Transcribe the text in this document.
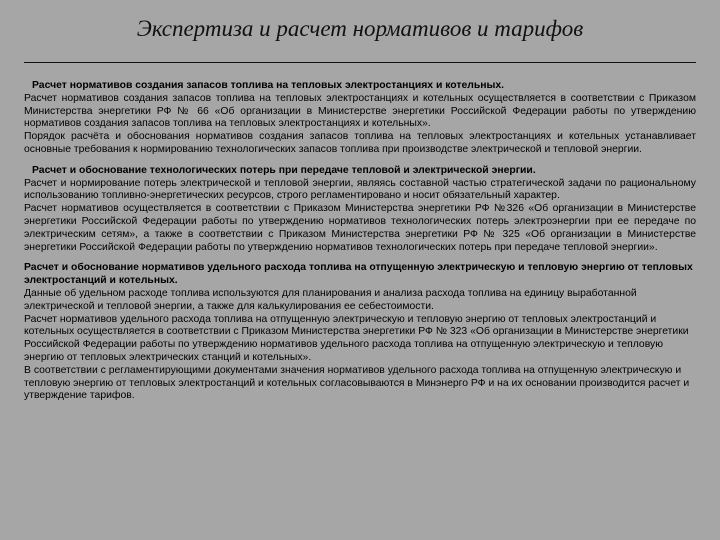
Экспертиза и расчет нормативов и тарифов
Расчет нормативов создания запасов топлива на тепловых электростанциях и котельных.
Расчет нормативов создания запасов топлива на тепловых электростанциях и котельных осуществляется в соответствии с Приказом Министерства энергетики РФ № 66 «Об организации в Министерстве энергетики Российской Федерации работы по утверждению нормативов создания запасов топлива на тепловых электростанциях и котельных».
Порядок расчёта и обоснования нормативов создания запасов топлива на тепловых электростанциях и котельных устанавливает основные требования к нормированию технологических запасов топлива при производстве электрической и тепловой энергии.
Расчет и обоснование технологических потерь при передаче тепловой и электрической энергии.
Расчет и нормирование потерь электрической и тепловой энергии, являясь составной частью стратегической задачи по рациональному использованию топливно-энергетических ресурсов, строго регламентировано и носит обязательный характер.
Расчет нормативов осуществляется в соответствии с Приказом Министерства энергетики РФ №326 «Об организации в Министерстве энергетики Российской Федерации работы по утверждению нормативов технологических потерь электроэнергии при ее передаче по электрическим сетям», а также в соответствии с Приказом Министерства энергетики РФ № 325 «Об организации в Министерстве энергетики Российской Федерации работы по утверждению нормативов технологических потерь при передаче тепловой энергии».
Расчет и обоснование нормативов удельного расхода топлива на отпущенную электрическую и тепловую энергию от тепловых электростанций и котельных.
Данные об удельном расходе топлива используются для планирования и анализа расхода топлива на единицу выработанной электрической и тепловой энергии, а также для калькулирования ее себестоимости.
Расчет нормативов удельного расхода топлива на отпущенную электрическую и тепловую энергию от тепловых электростанций и котельных осуществляется в соответствии с Приказом Министерства энергетики РФ № 323 «Об организации в Министерстве энергетики Российской Федерации работы по утверждению нормативов удельного расхода топлива на отпущенную электрическую и тепловую энергию от тепловых электрических станций и котельных».
В соответствии с регламентирующими документами значения нормативов удельного расхода топлива на отпущенную электрическую и тепловую энергию от тепловых электростанций и котельных согласовываются в Минэнерго РФ и на их основании производится расчет и утверждение тарифов.
